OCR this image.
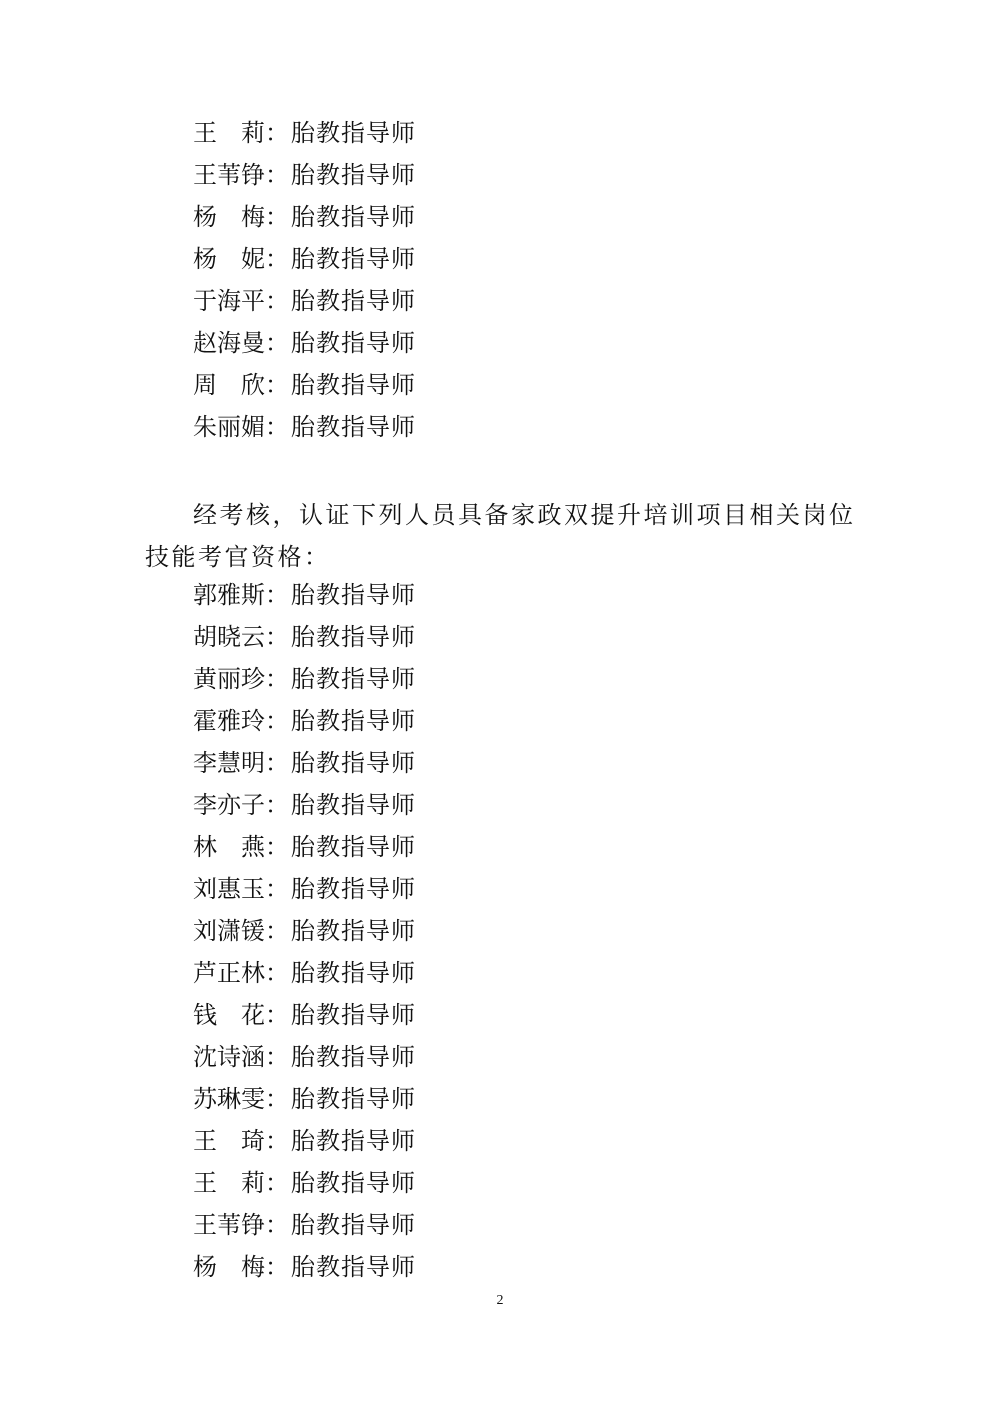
王 莉 ： 胎教指导师
王苇铮 ： 胎教指导师
杨 梅 ： 胎教指导师
杨 妮 ： 胎教指导师
于海平 ： 胎教指导师
赵海曼 ： 胎教指导师
周 欣 ： 胎教指导师
朱丽媚 ： 胎教指导师
经考核，认证下列人员具备家政双提升培训项目相关岗位技能考官资格：
郭雅斯 ： 胎教指导师
胡晓云 ： 胎教指导师
黄丽珍 ： 胎教指导师
霍雅玲 ： 胎教指导师
李慧明 ： 胎教指导师
李亦子 ： 胎教指导师
林 燕 ： 胎教指导师
刘惠玉 ： 胎教指导师
刘潇锾 ： 胎教指导师
芦正林 ： 胎教指导师
钱 花 ： 胎教指导师
沈诗涵 ： 胎教指导师
苏琳雯 ： 胎教指导师
王 琦 ： 胎教指导师
王 莉 ： 胎教指导师
王苇铮 ： 胎教指导师
杨 梅 ： 胎教指导师
2
